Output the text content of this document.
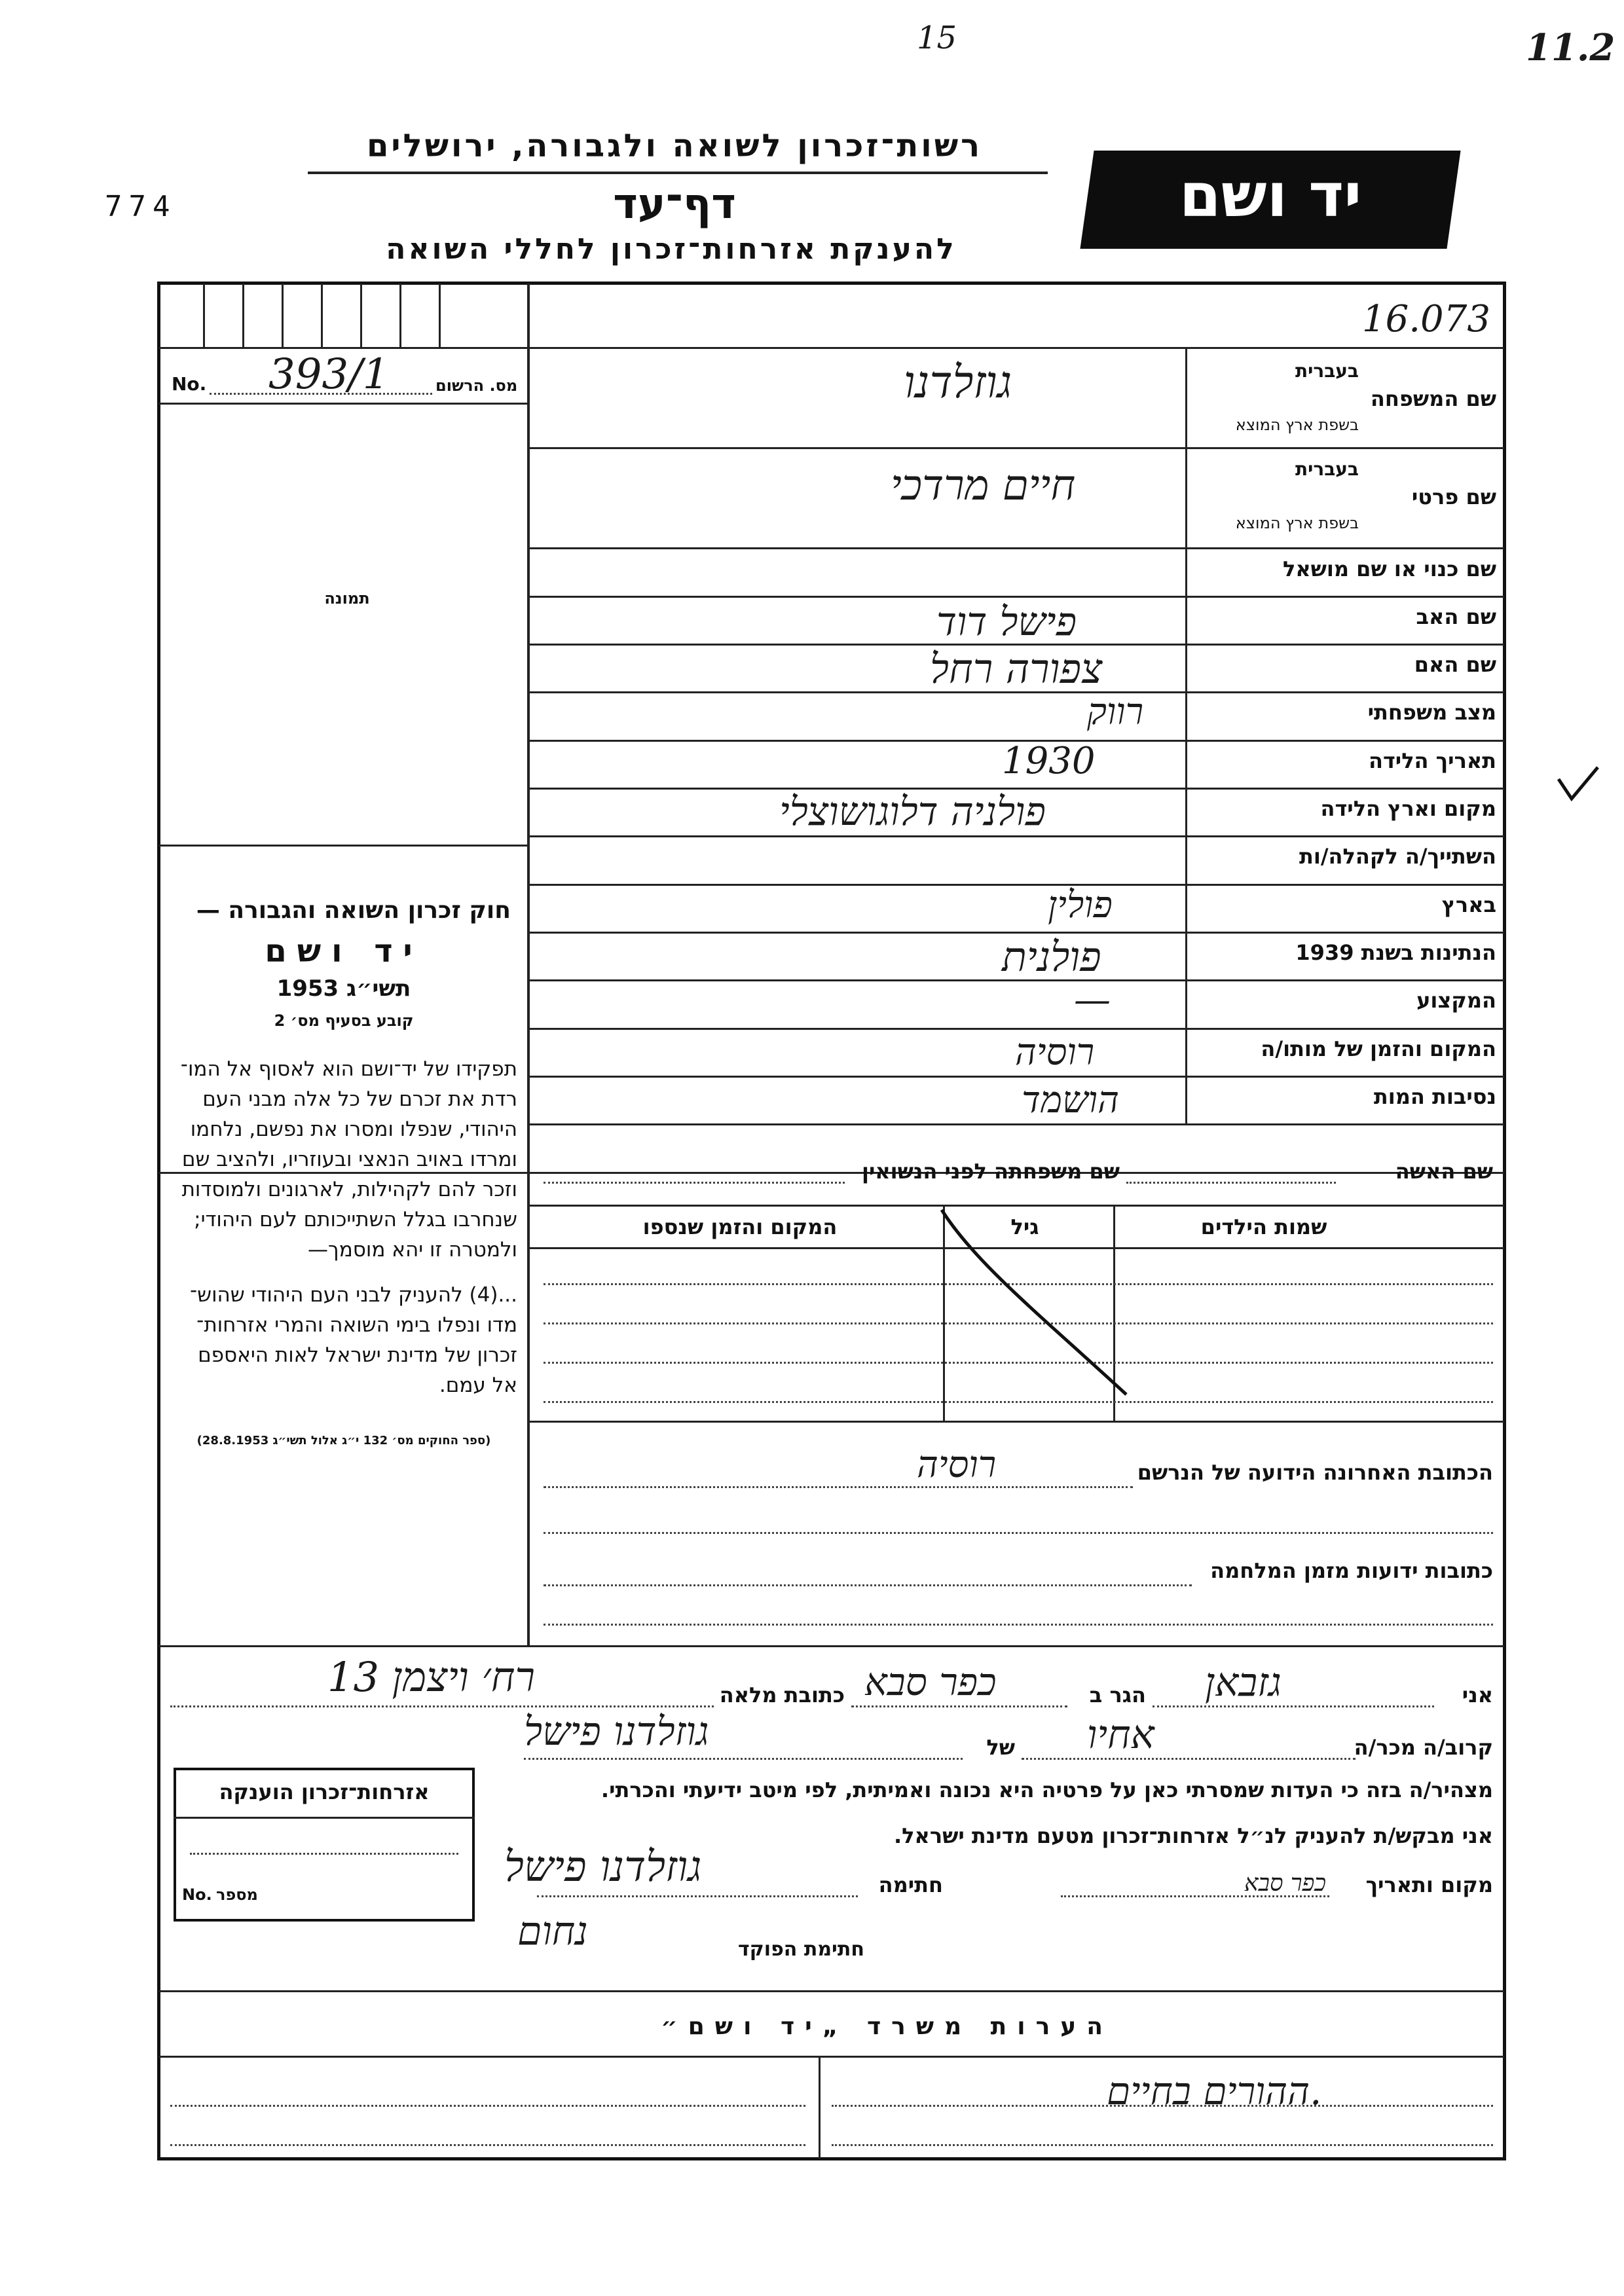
774
15	11.2
רשות־זכרון לשואה ולגבורה, ירושלים
דף־עד
להענקת אזרחות־זכרון לחללי השואה
יד ושם
16.073
No. 393/1	מס. הרשום
תמונה
חוק זכרון השואה והגבורה —
יד ושם
תשי״ג 1953
קובע בסעיף מס׳ 2
תפקידו של יד־ושם הוא לאסוף אל המו־ רדת את זכרם של כל אלה מבני העם היהודי, שנפלו ומסרו את נפשם, נלחמו ומרדו באויב הנאצי ובעוזריו, ולהציב שם וזכר להם לקהילות, לארגונים ולמוסדות שנחרבו בגלל השתייכותם לעם היהודי; ולמטרה זו יהא מוסמך—
...(4) להעניק לבני העם היהודי שהוש־ מדו ונפלו בימי השואה והמרי אזרחות־ זכרון של מדינת ישראל לאות היאספם אל עמם.
(ספר החוקים מס׳ 132 י״ג אלול תשי״ג 28.8.1953)
שם המשפחה
בעברית
בשפת ארץ המוצא
גוזלדנו
שם פרטי
בעברית
בשפת ארץ המוצא
חיים מרדכי
שם כנוי או שם מושאל
שם האב
פישל דוד
שם האם
צפורה רחל
מצב משפחתי
רווק
תאריך הלידה
1930
מקום וארץ הלידה
פולניה דלוגושוצלי
השתייך/ה לקהלה/ות
בארץ
פולין
הנתינות בשנת 1939
פולנית
המקצוע
—
המקום והזמן של מותו/ה
רוסיה
נסיבות המות
הושמד
שם האשה
שם משפחתה לפני הנשואין
שמות הילדים
גיל
המקום והזמן שנספו
הכתובת האחרונה הידועה של הנרשם
רוסיה
כתובות ידועות מזמן המלחמה
אני
גזבאן
הגר ב
כפר סבא
כתובת מלאה
רח׳ ויצמן 13
קרוב/ה מכר/ה
אחיו
של
גוזלדנו פישל
מצהיר/ה בזה כי העדות שמסרתי כאן על פרטיה היא נכונה ואמיתית, לפי מיטב ידיעתי והכרתי.
אני מבקש/ת להעניק לנ״ל אזרחות־זכרון מטעם מדינת ישראל.
מקום ותאריך
כפר סבא
חתימה
גוזלדנו פישל
חתימת הפוקד
נחום
אזרחות־זכרון הוענקה
No. מספר
הערות משרד „יד ושם״
ההורים בחיים.
